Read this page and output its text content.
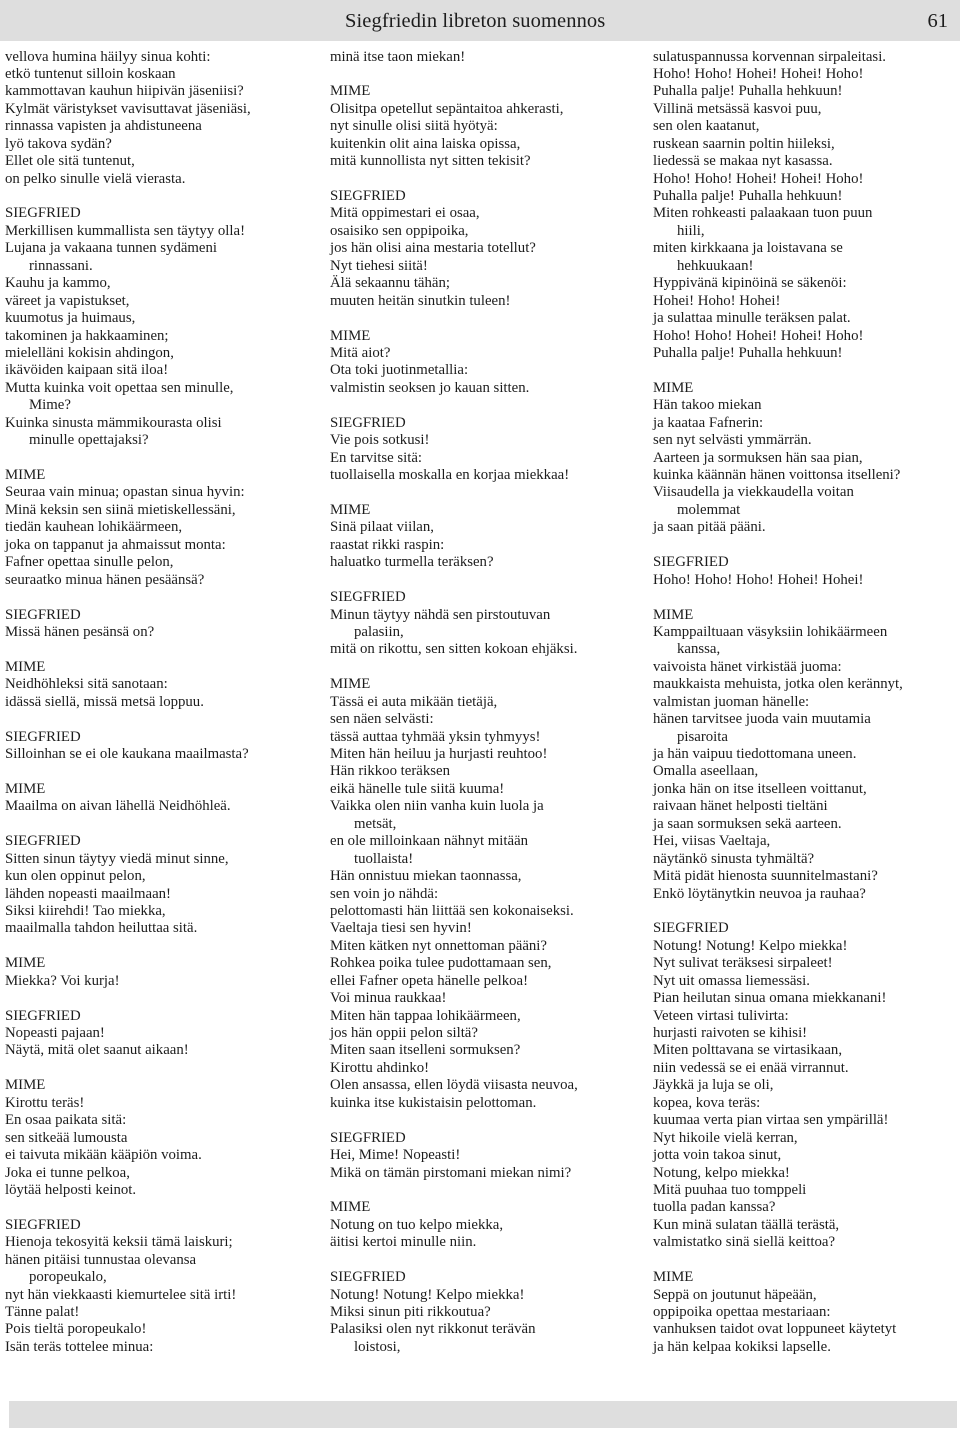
Siegfriedin libreton suomennos	61
vellova humina häilyy sinua kohti:
etkö tuntenut silloin koskaan
kammottavan kauhun hiipivän jäseniisi?
Kylmät väristykset vavisuttavat jäseniäsi,
rinnassa vapisten ja ahdistuneena
lyö takova sydän?
Ellet ole sitä tuntenut,
on pelko sinulle vielä vierasta.
SIEGFRIED
Merkillisen kummallista sen täytyy olla!
Lujana ja vakaana tunnen sydämeni
rinnassani.
Kauhu ja kammo,
väreet ja vapistukset,
kuumotus ja huimaus,
takominen ja hakkaaminen;
mielelläni kokisin ahdingon,
ikävöiden kaipaan sitä iloa!
Mutta kuinka voit opettaa sen minulle,
Mime?
Kuinka sinusta mämmikourasta olisi
minulle opettajaksi?
MIME
Seuraa vain minua; opastan sinua hyvin:
Minä keksin sen siinä mietiskellessäni,
tiedän kauhean lohikäärmeen,
joka on tappanut ja ahmaissut monta:
Fafner opettaa sinulle pelon,
seuraatko minua hänen pesäänsä?
SIEGFRIED
Missä hänen pesänsä on?
MIME
Neidhöhleksi sitä sanotaan:
idässä siellä, missä metsä loppuu.
SIEGFRIED
Silloinhan se ei ole kaukana maailmasta?
MIME
Maailma on aivan lähellä Neidhöhleä.
SIEGFRIED
Sitten sinun täytyy viedä minut sinne,
kun olen oppinut pelon,
lähden nopeasti maailmaan!
Siksi kiirehdi! Tao miekka,
maailmalla tahdon heiluttaa sitä.
MIME
Miekka? Voi kurja!
SIEGFRIED
Nopeasti pajaan!
Näytä, mitä olet saanut aikaan!
MIME
Kirottu teräs!
En osaa paikata sitä:
sen sitkeää lumousta
ei taivuta mikään kääpiön voima.
Joka ei tunne pelkoa,
löytää helposti keinot.
SIEGFRIED
Hienoja tekosyitä keksii tämä laiskuri;
hänen pitäisi tunnustaa olevansa
poropeukalo,
nyt hän viekkaasti kiemurtelee sitä irti!
Tänne palat!
Pois tieltä poropeukalo!
Isän teräs tottelee minua:
minä itse taon miekan!
MIME
Olisitpa opetellut sepäntaitoa ahkerasti,
nyt sinulle olisi siitä hyötyä:
kuitenkin olit aina laiska opissa,
mitä kunnollista nyt sitten tekisit?
SIEGFRIED
Mitä oppimestari ei osaa,
osaisiko sen oppipoika,
jos hän olisi aina mestaria totellut?
Nyt tiehesi siitä!
Älä sekaannu tähän;
muuten heitän sinutkin tuleen!
MIME
Mitä aiot?
Ota toki juotinmetallia:
valmistin seoksen jo kauan sitten.
SIEGFRIED
Vie pois sotkusi!
En tarvitse sitä:
tuollaisella moskalla en korjaa miekkaa!
MIME
Sinä pilaat viilan,
raastat rikki raspin:
haluatko turmella teräksen?
SIEGFRIED
Minun täytyy nähdä sen pirstoutuvan
palasiin,
mitä on rikottu, sen sitten kokoan ehjäksi.
MIME
Tässä ei auta mikään tietäjä,
sen näen selvästi:
tässä auttaa tyhmää yksin tyhmyys!
Miten hän heiluu ja hurjasti reuhtoo!
Hän rikkoo teräksen
eikä hänelle tule siitä kuuma!
Vaikka olen niin vanha kuin luola ja
metsät,
en ole milloinkaan nähnyt mitään
tuollaista!
Hän onnistuu miekan taonnassa,
sen voin jo nähdä:
pelottomasti hän liittää sen kokonaiseksi.
Vaeltaja tiesi sen hyvin!
Miten kätken nyt onnettoman pääni?
Rohkea poika tulee pudottamaan sen,
ellei Fafner opeta hänelle pelkoa!
Voi minua raukkaa!
Miten hän tappaa lohikäärmeen,
jos hän oppii pelon siltä?
Miten saan itselleni sormuksen?
Kirottu ahdinko!
Olen ansassa, ellen löydä viisasta neuvoa,
kuinka itse kukistaisin pelottoman.
SIEGFRIED
Hei, Mime! Nopeasti!
Mikä on tämän pirstomani miekan nimi?
MIME
Notung on tuo kelpo miekka,
äitisi kertoi minulle niin.
SIEGFRIED
Notung! Notung! Kelpo miekka!
Miksi sinun piti rikkoutua?
Palasiksi olen nyt rikkonut terävän
loistosi,
sulatuspannussa korvennan sirpaleitasi.
Hoho! Hoho! Hohei! Hohei! Hoho!
Puhalla palje! Puhalla hehkuun!
Villinä metsässä kasvoi puu,
sen olen kaatanut,
ruskean saarnin poltin hiileksi,
liedessä se makaa nyt kasassa.
Hoho! Hoho! Hohei! Hohei! Hoho!
Puhalla palje! Puhalla hehkuun!
Miten rohkeasti palaakaan tuon puun
hiili,
miten kirkkaana ja loistavana se
hehkuukaan!
Hyppivänä kipinöinä se säkenöi:
Hohei! Hoho! Hohei!
ja sulattaa minulle teräksen palat.
Hoho! Hoho! Hohei! Hohei! Hoho!
Puhalla palje! Puhalla hehkuun!
MIME
Hän takoo miekan
ja kaataa Fafnerin:
sen nyt selvästi ymmärrän.
Aarteen ja sormuksen hän saa pian,
kuinka käännän hänen voittonsa itselleni?
Viisaudella ja viekkaudella voitan
molemmat
ja saan pitää pääni.
SIEGFRIED
Hoho! Hoho! Hoho! Hohei! Hohei!
MIME
Kamppailtuaan väsyksiin lohikäärmeen
kanssa,
vaivoista hänet virkistää juoma:
maukkaista mehuista, jotka olen kerännyt,
valmistan juoman hänelle:
hänen tarvitsee juoda vain muutamia
pisaroita
ja hän vaipuu tiedottomana uneen.
Omalla aseellaan,
jonka hän on itse itselleen voittanut,
raivaan hänet helposti tieltäni
ja saan sormuksen sekä aarteen.
Hei, viisas Vaeltaja,
näytänkö sinusta tyhmältä?
Mitä pidät hienosta suunnitelmastani?
Enkö löytänytkin neuvoa ja rauhaa?
SIEGFRIED
Notung! Notung! Kelpo miekka!
Nyt sulivat teräksesi sirpaleet!
Nyt uit omassa liemessäsi.
Pian heilutan sinua omana miekkanani!
Veteen virtasi tulivirta:
hurjasti raivoten se kihisi!
Miten polttavana se virtasikaan,
niin vedessä se ei enää virrannut.
Jäykkä ja luja se oli,
kopea, kova teräs:
kuumaa verta pian virtaa sen ympärillä!
Nyt hikoile vielä kerran,
jotta voin takoa sinut,
Notung, kelpo miekka!
Mitä puuhaa tuo tomppeli
tuolla padan kanssa?
Kun minä sulatan täällä terästä,
valmistatko sinä siellä keittoa?
MIME
Seppä on joutunut häpeään,
oppipoika opettaa mestariaan:
vanhuksen taidot ovat loppuneet käytetyt
ja hän kelpaa kokiksi lapselle.
